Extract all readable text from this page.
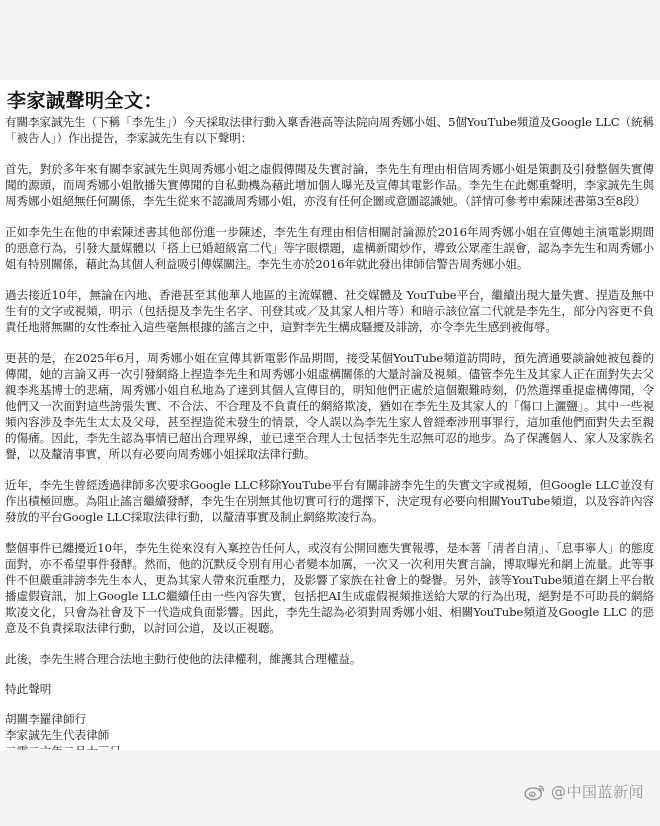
李家誠聲明全文：

有關李家誠先生（下稱「李先生」）今天採取法律行動入稟香港高等法院向周秀娜小姐、5個YouTube頻道及Google LLC（統稱「被告人」）作出提告，李家誠先生有以下聲明：

首先，對於多年來有關李家誠先生與周秀娜小姐之虛假傳聞及失實討論，李先生有理由相信周秀娜小姐是策劃及引發整個失實傳聞的源頭，而周秀娜小姐散播失實傳聞的自私動機為藉此增加個人曝光及宣傳其電影作品。李先生在此鄭重聲明，李家誠先生與周秀娜小姐絕無任何關係，李先生從來不認識周秀娜小姐，亦沒有任何企圖或意圖認識她。（詳情可參考申索陳述書第3至8段）

正如李先生在他的申索陳述書其他部份進一步陳述，李先生有理由相信相關討論源於2016年周秀娜小姐在宣傳她主演電影期間的惡意行為，引發大量媒體以「搭上已婚超級富二代」等字眼標題，虛構新聞炒作，導致公眾產生誤會，認為李先生和周秀娜小姐有特別關係，藉此為其個人利益吸引傳媒關注。李先生亦於2016年就此發出律師信警告周秀娜小姐。

過去接近10年，無論在內地、香港甚至其他華人地區的主流媒體、社交媒體及 YouTube平台，繼續出現大量失實、捏造及無中生有的文字或視頻，明示（包括提及李先生名字、刊登其或／及其家人相片等）和暗示該位富二代就是李先生，部分內容更不負責任地將無關的女性牽扯入這些毫無根據的謠言之中，這對李先生構成騷擾及誹謗，亦令李先生感到被侮辱。

更甚的是，在2025年6月，周秀娜小姐在宣傳其新電影作品期間，接受某個YouTube頻道訪問時，預先濟通要談論她被包養的傳聞，她的言論又再一次引發網絡上捏造李先生和周秀娜小姐虛構關係的大量討論及視頻。儘管李先生及其家人正在面對失去父親李兆基博士的悲痛，周秀娜小姐自私地為了達到其個人宣傳目的，明知他們正處於這個艱難時刻，仍然選擇重提虛構傳聞，令他們又一次面對這些誇張失實、不合法、不合理及不負責任的網絡欺凌，猶如在李先生及其家人的「傷口上灑鹽」。其中一些視頻內容涉及李先生太太及父母，甚至捏造從未發生的情景，令人誤以為李先生家人曾經牽涉刑事罪行，這加重他們面對失去至親的傷痛。因此，李先生認為事情已超出合理界線，並已達至合理人士包括李先生忍無可忍的地步。為了保護個人、家人及家族名譽，以及釐清事實，所以有必要向周秀娜小姐採取法律行動。

近年，李先生曾經透過律師多次要求Google LLC移除YouTube平台有關誹謗李先生的失實文字或視頻，但Google LLC並沒有作出積極回應。為阻止謠言繼續發酵，李先生在別無其他切實可行的選擇下，決定現有必要向相關YouTube頻道，以及容許內容發放的平台Google LLC採取法律行動，以釐清事實及制止網絡欺凌行為。

整個事件已纏擾近10年，李先生從來沒有入稟控告任何人，或沒有公開回應失實報導，是本著「清者自清」、「息事寧人」的態度面對，亦不希望事件發酵。然而，他的沉默反令別有用心者變本加厲，一次又一次利用失實言論，博取曝光和網上流量。此等事件不但嚴重誹謗李先生本人，更為其家人帶來沉重壓力，及影響了家族在社會上的聲譽。另外，該等YouTube頻道在網上平台散播虛假資訊，加上Google LLC繼續任由一些內容失實，包括把AI生成虛假視頻推送給大眾的行為出現，絕對是不可助長的網絡欺凌文化，只會為社會及下一代造成負面影響。因此，李先生認為必須對周秀娜小姐、相關YouTube頻道及Google LLC 的惡意及不負責採取法律行動，以討回公道，及以正視聽。

此後，李先生將合理合法地主動行使他的法律權利，維護其合理權益。

特此聲明

胡關李羅律師行

李家誠先生代表律師

@中国蓝新闻
